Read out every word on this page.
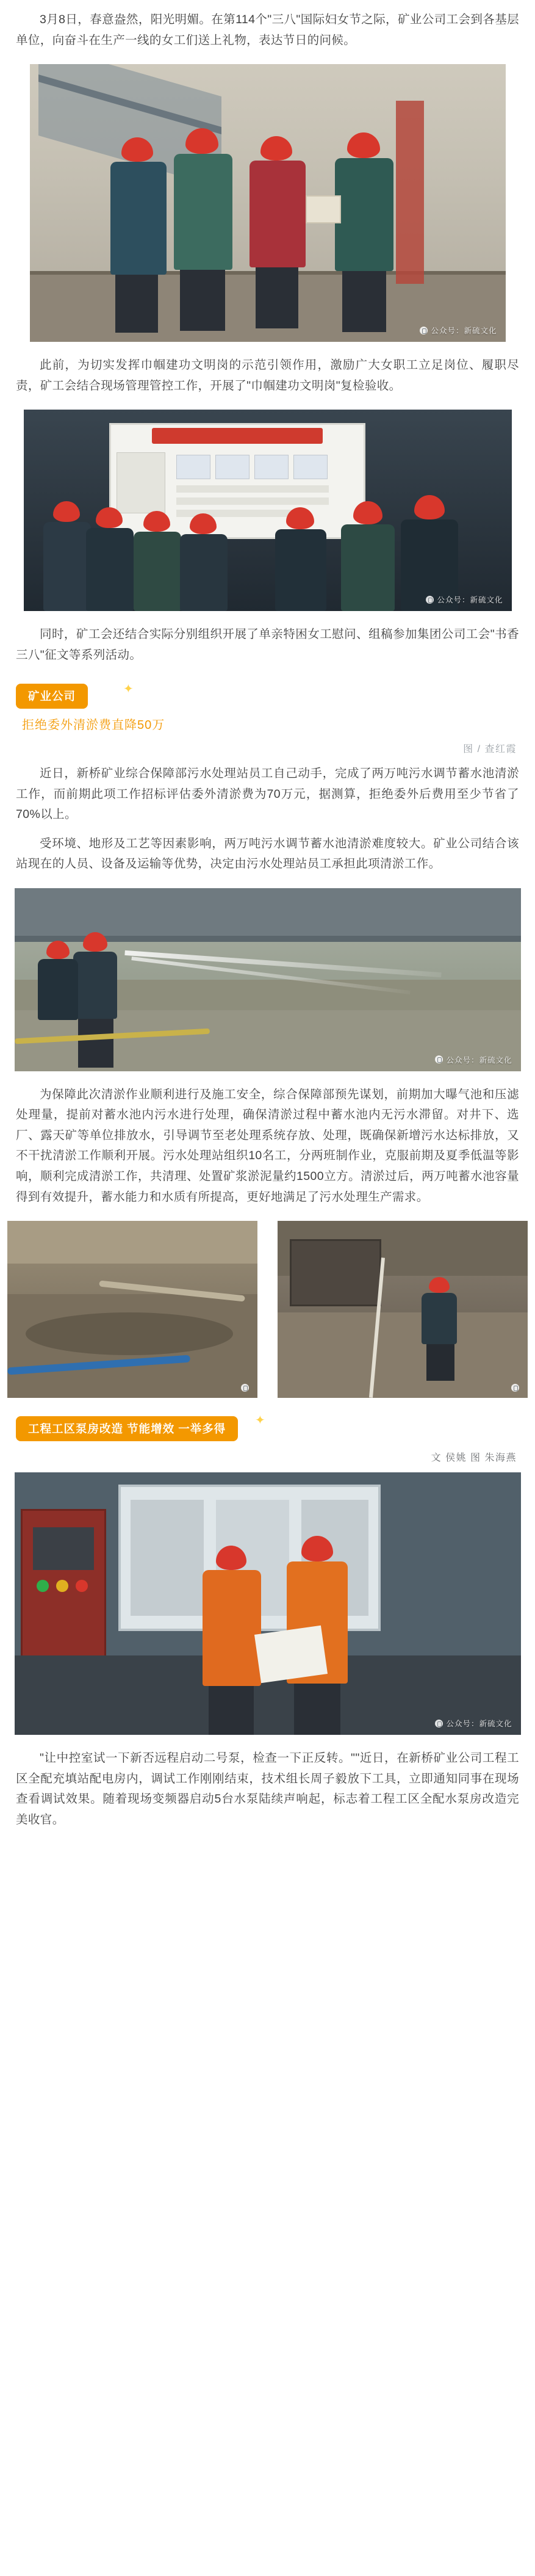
3月8日，春意盎然，阳光明媚。在第114个"三八"国际妇女节之际，矿业公司工会到各基层单位，向奋斗在生产一线的女工们送上礼物，表达节日的问候。
公众号：新硫文化
此前，为切实发挥巾帼建功文明岗的示范引领作用，激励广大女职工立足岗位、履职尽责，矿工会结合现场管理管控工作，开展了"巾帼建功文明岗"复检验收。
公众号：新硫文化
同时，矿工会还结合实际分别组织开展了单亲特困女工慰问、组稿参加集团公司工会"书香三八"征文等系列活动。
矿业公司
✦
拒绝委外清淤费直降50万
图 / 查红霞
近日，新桥矿业综合保障部污水处理站员工自己动手，完成了两万吨污水调节蓄水池清淤工作，而前期此项工作招标评估委外清淤费为70万元，据测算，拒绝委外后费用至少节省了70%以上。
受环境、地形及工艺等因素影响，两万吨污水调节蓄水池清淤难度较大。矿业公司结合该站现在的人员、设备及运输等优势，决定由污水处理站员工承担此项清淤工作。
公众号：新硫文化
为保障此次清淤作业顺利进行及施工安全，综合保障部预先谋划，前期加大曝气池和压滤处理量，提前对蓄水池内污水进行处理，确保清淤过程中蓄水池内无污水滞留。对井下、选厂、露天矿等单位排放水，引导调节至老处理系统存放、处理，既确保新增污水达标排放，又不干扰清淤工作顺利开展。污水处理站组织10名工，分两班制作业，克服前期及夏季低温等影响，顺利完成清淤工作，共清理、处置矿浆淤泥量约1500立方。清淤过后，两万吨蓄水池容量得到有效提升，蓄水能力和水质有所提高，更好地满足了污水处理生产需求。
工程工区泵房改造 节能增效 一举多得
✦
文 侯姚 图 朱海燕
公众号：新硫文化
"让中控室试一下新否远程启动二号泵，检查一下正反转。""近日，在新桥矿业公司工程工区全配充填站配电房内，调试工作刚刚结束，技术组长周子毅放下工具，立即通知同事在现场查看调试效果。随着现场变频器启动5台水泵陆续声响起，标志着工程工区全配水泵房改造完美收官。
